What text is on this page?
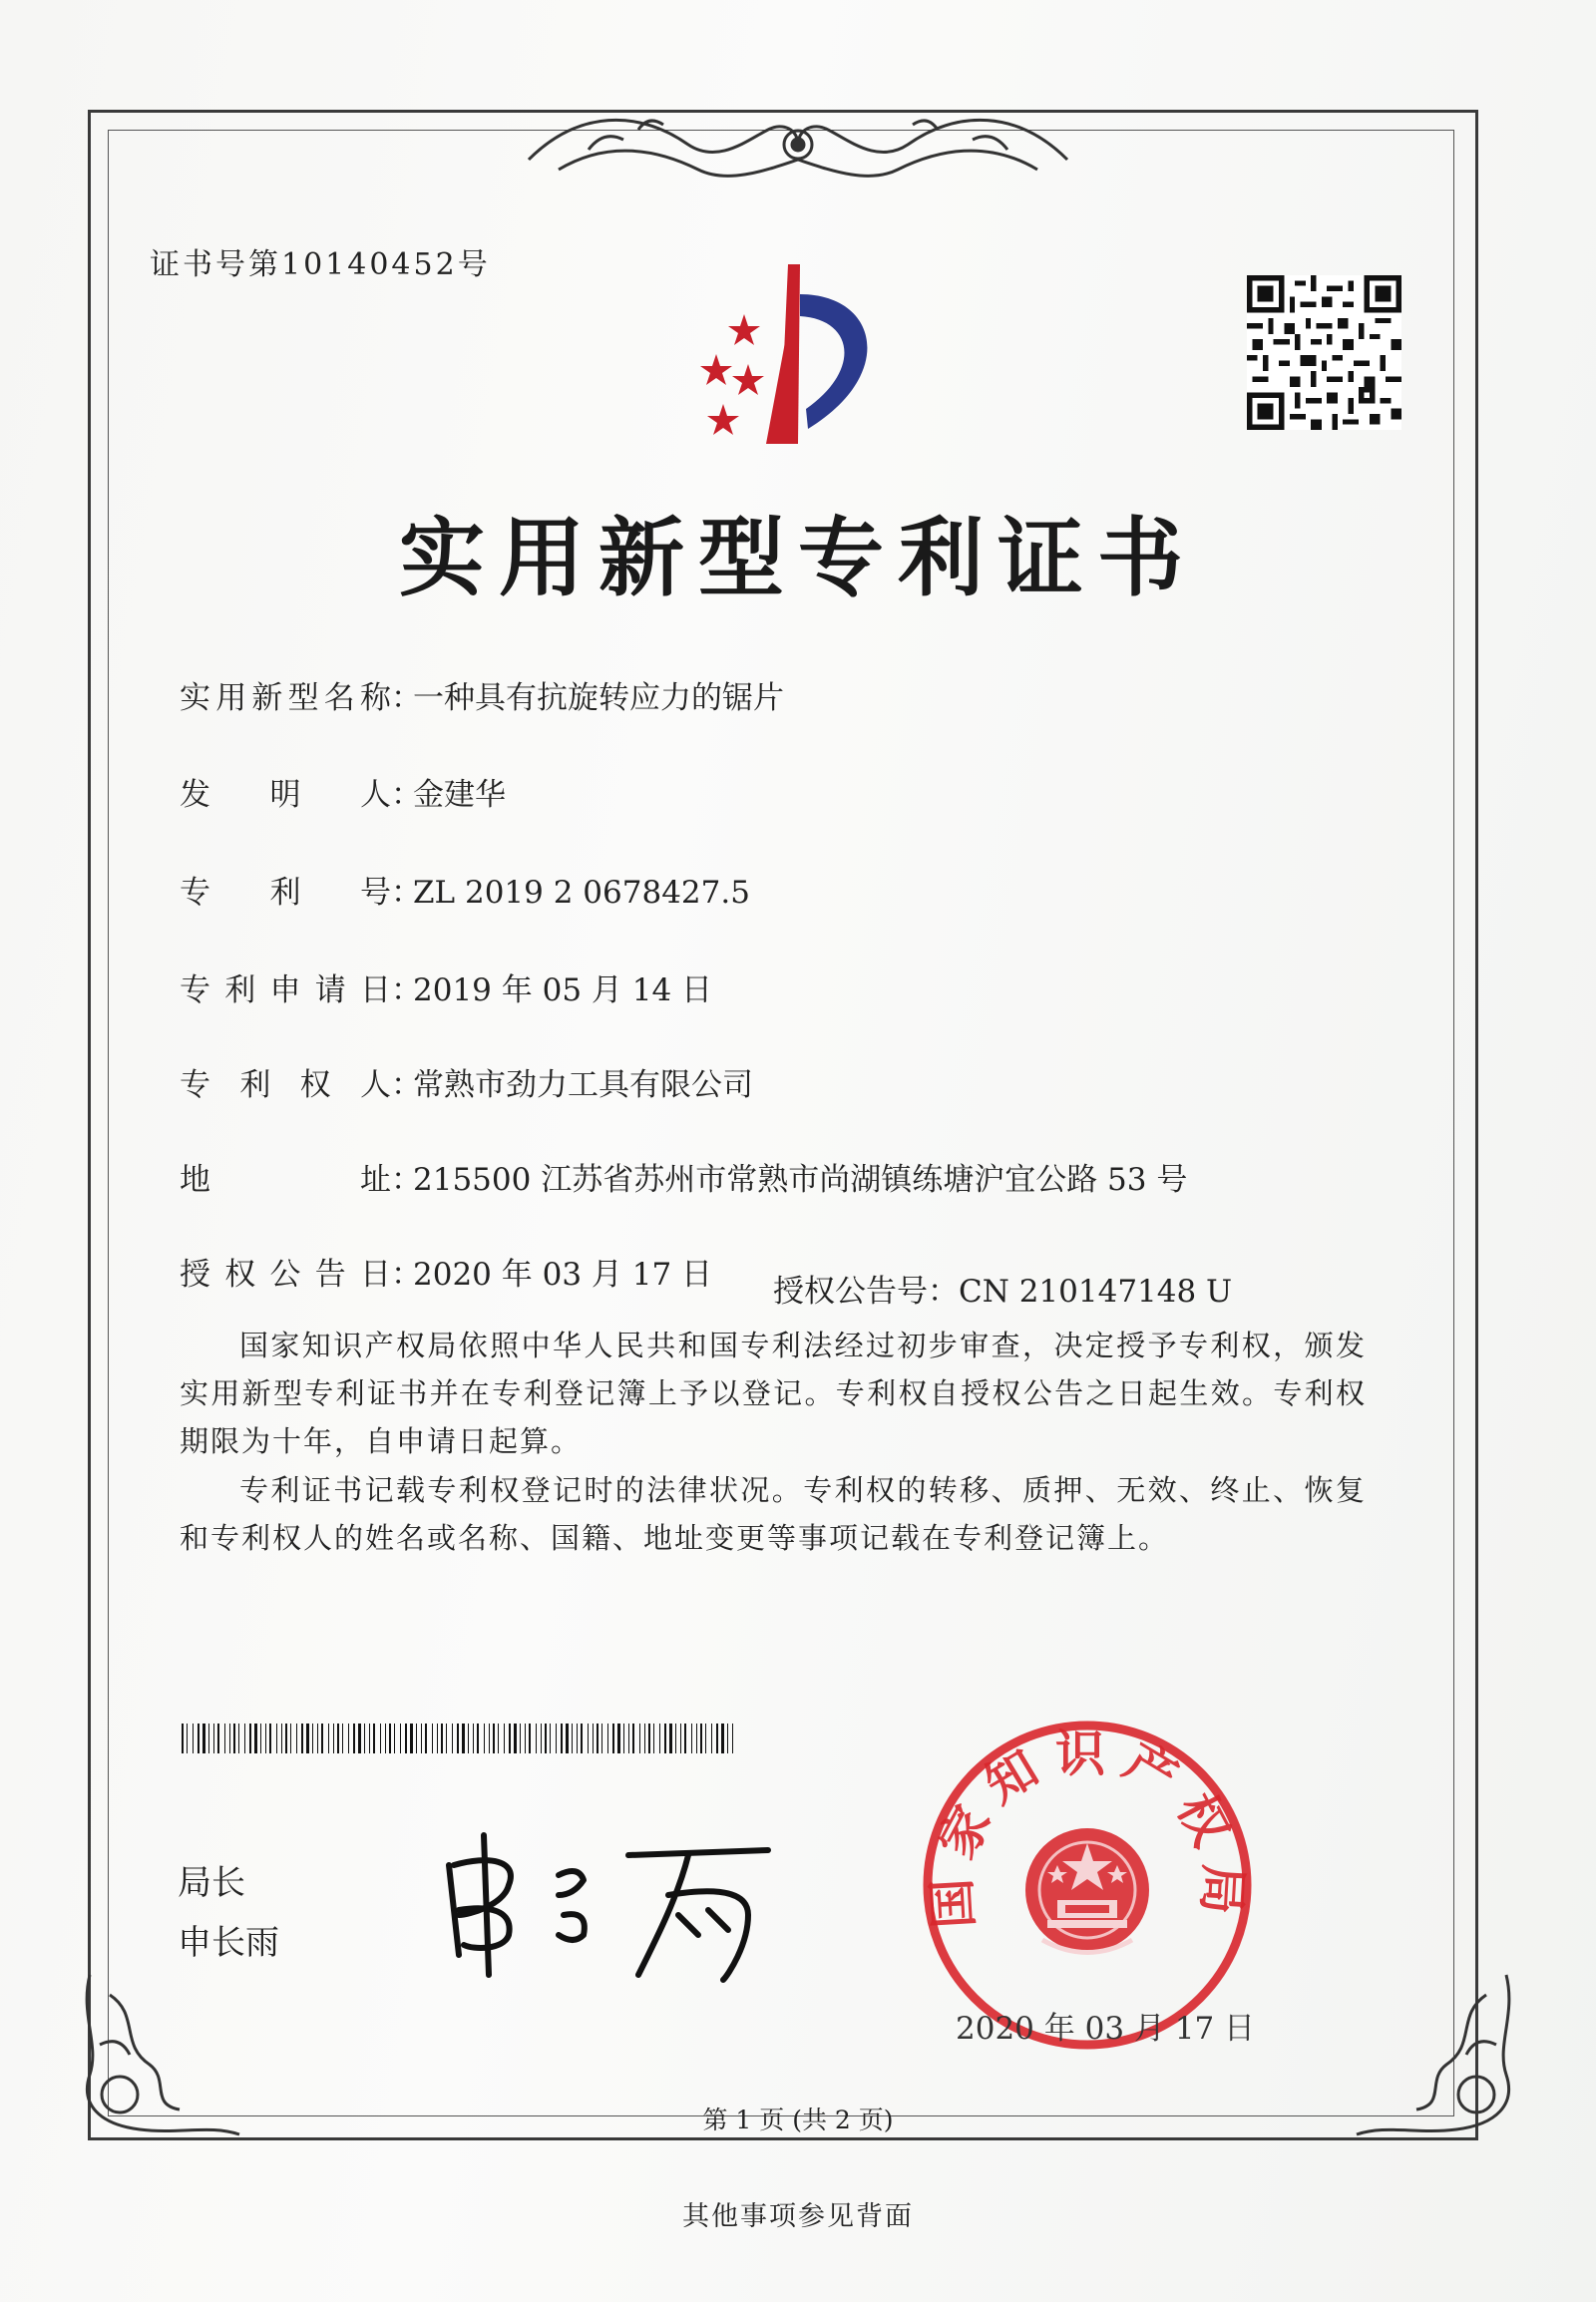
证书号第10140452号
实用新型专利证书
实用新型名称：一种具有抗旋转应力的锯片
发 明 人：金建华
专 利 号：ZL 2019 2 0678427.5
专利申请日：2019 年 05 月 14 日
专 利 权 人：常熟市劲力工具有限公司
地 址：215500 江苏省苏州市常熟市尚湖镇练塘沪宜公路 53 号
授权公告日：2020 年 03 月 17 日 授权公告号：CN 210147148 U
国家知识产权局依照中华人民共和国专利法经过初步审查，决定授予专利权，颁发实用新型专利证书并在专利登记簿上予以登记。专利权自授权公告之日起生效。专利权期限为十年，自申请日起算。
专利证书记载专利权登记时的法律状况。专利权的转移、质押、无效、终止、恢复和专利权人的姓名或名称、国籍、地址变更等事项记载在专利登记簿上。
局长
申长雨
国家知识产权局
2020 年 03 月 17 日
第 1 页 (共 2 页)
其他事项参见背面
